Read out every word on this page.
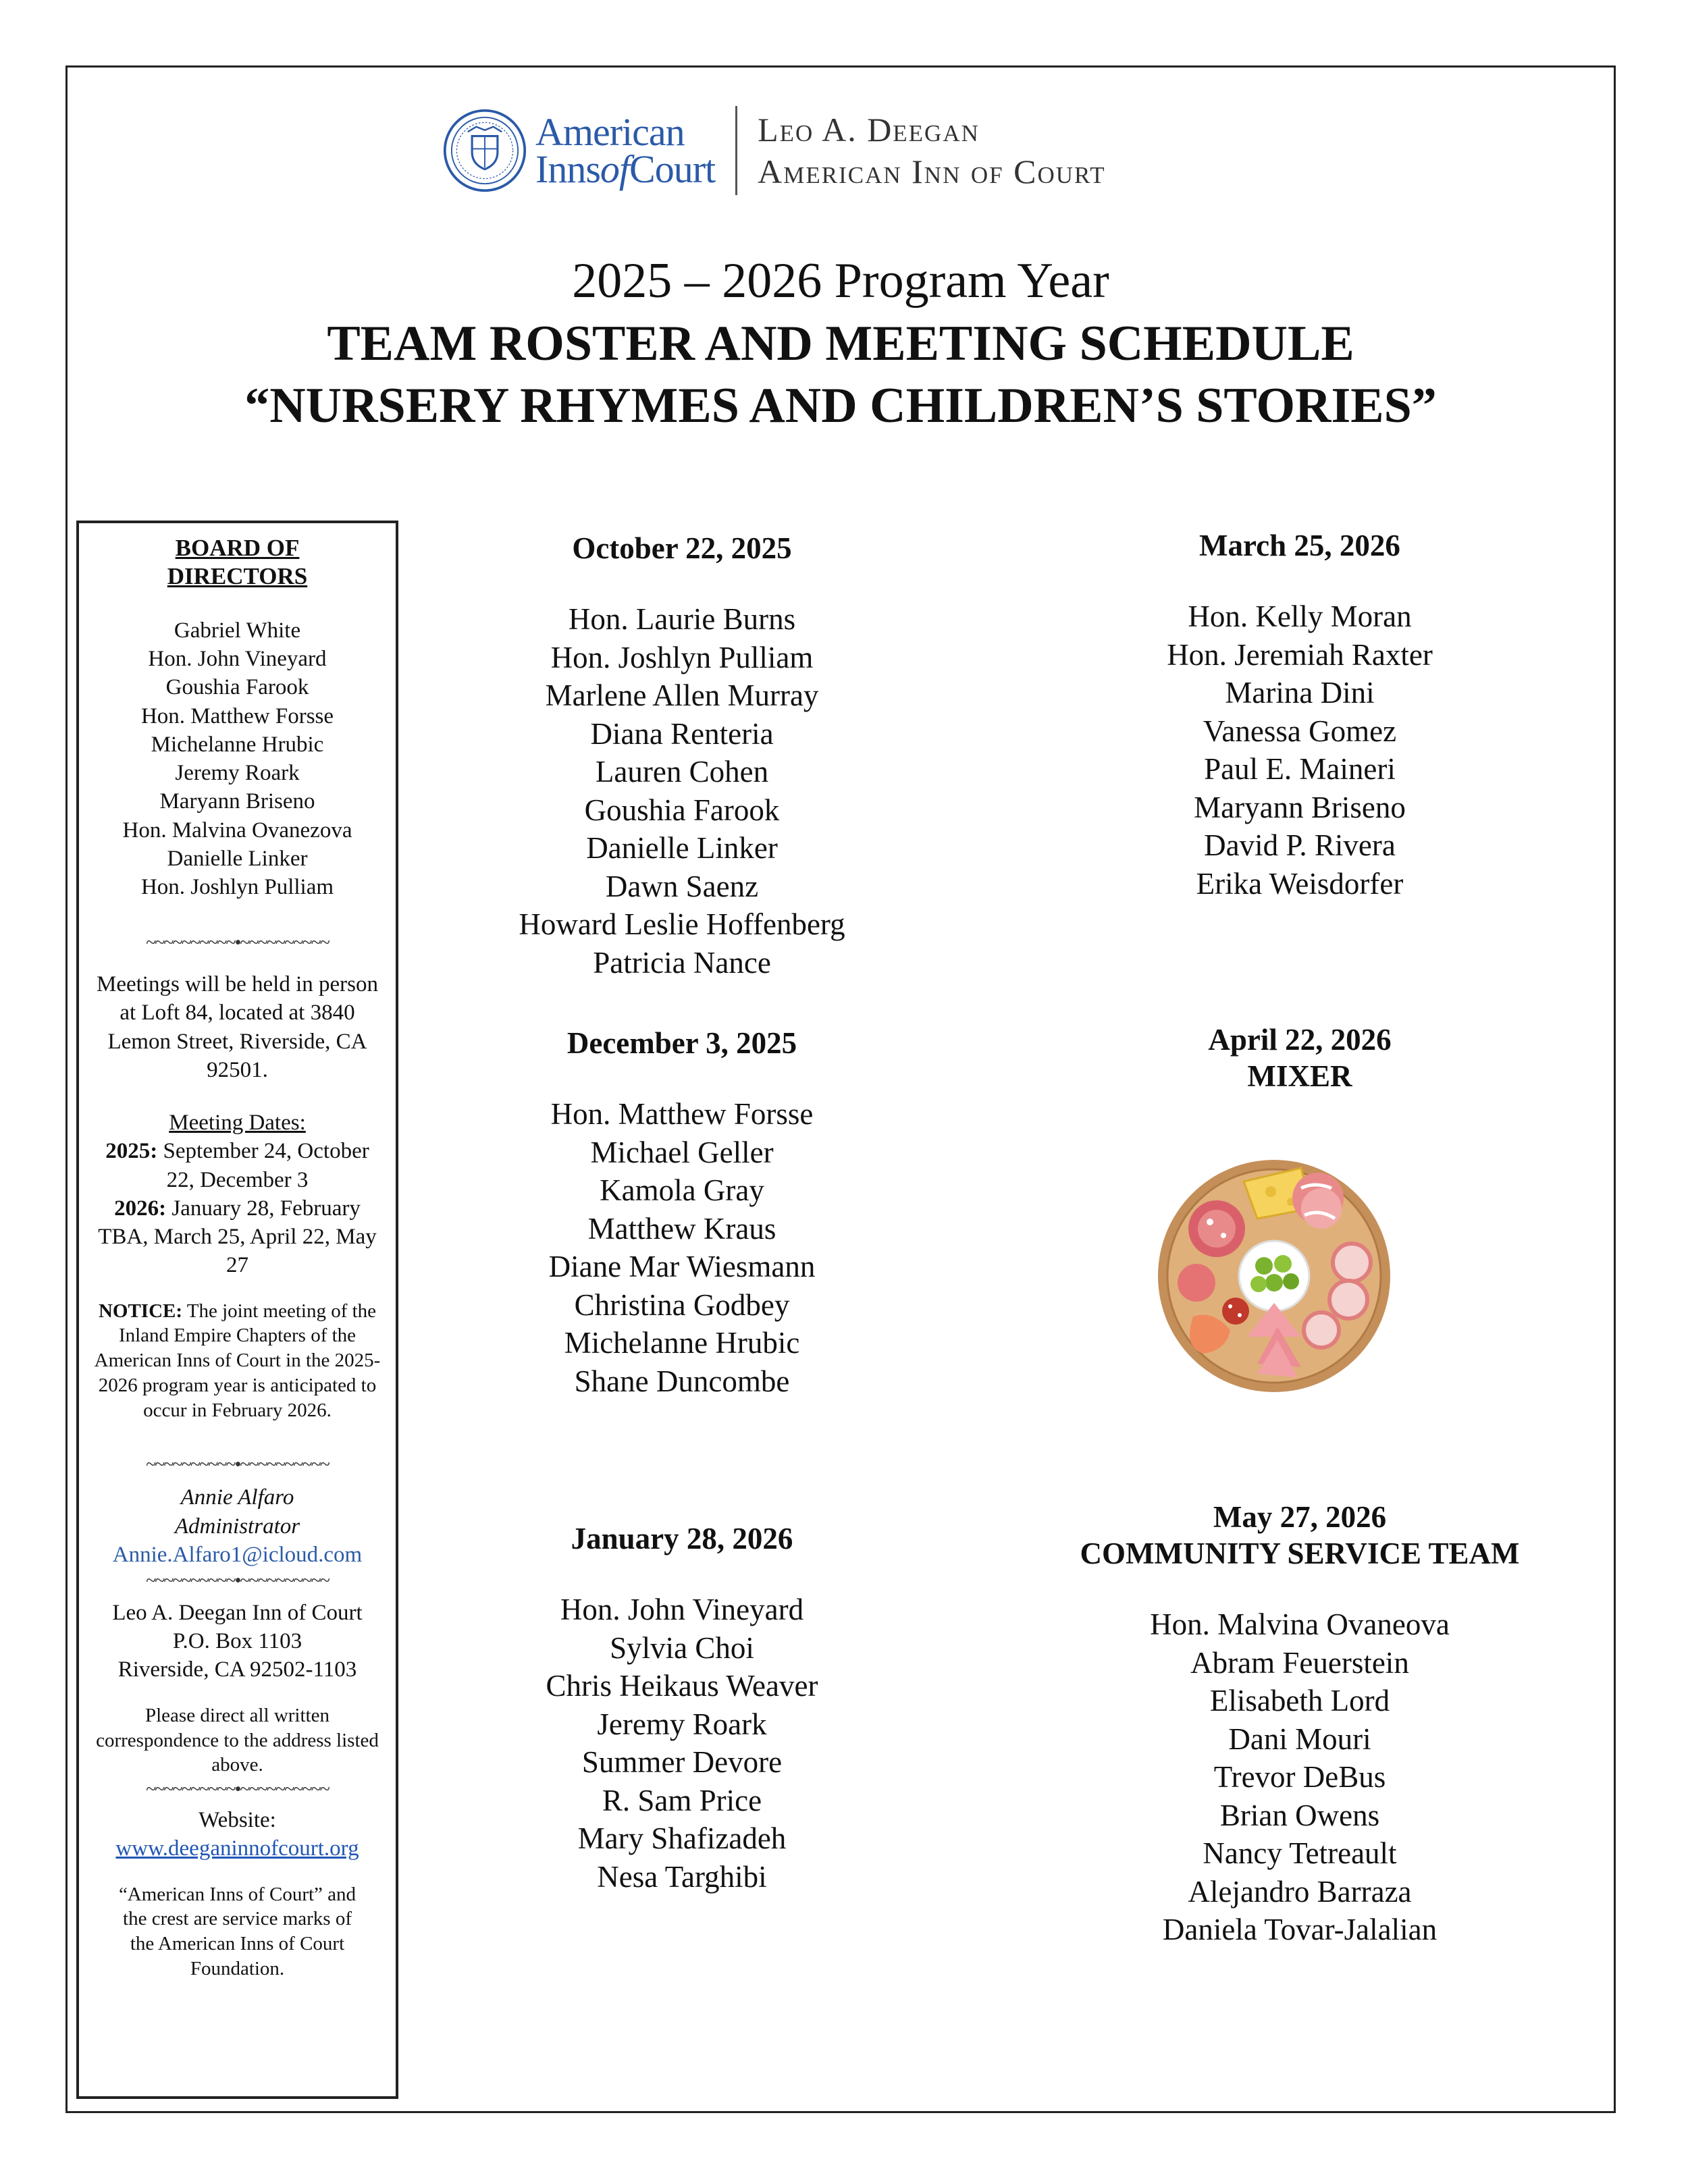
American
InnsofCourt
Leo A. Deegan
American Inn of Court
2025 – 2026 Program Year
TEAM ROSTER AND MEETING SCHEDULE
“NURSERY RHYMES AND CHILDREN’S STORIES”
BOARD OF DIRECTORS
Gabriel White
Hon. John Vineyard
Goushia Farook
Hon. Matthew Forsse
Michelanne Hrubic
Jeremy Roark
Maryann Briseno
Hon. Malvina Ovanezova
Danielle Linker
Hon. Joshlyn Pulliam
~~~~~~~~~~•~~~~~~~~~~
Meetings will be held in person at Loft 84, located at 3840 Lemon Street, Riverside, CA 92501.
Meeting Dates:
2025: September 24, October 22, December 3
2026: January 28, February TBA, March 25, April 22, May 27
NOTICE: The joint meeting of the Inland Empire Chapters of the American Inns of Court in the 2025-2026 program year is anticipated to occur in February 2026.
~~~~~~~~~~•~~~~~~~~~~
Annie Alfaro
Administrator
Annie.Alfaro1@icloud.com
~~~~~~~~~~•~~~~~~~~~~
Leo A. Deegan Inn of Court
P.O. Box 1103
Riverside, CA 92502-1103
Please direct all written correspondence to the address listed above.
~~~~~~~~~~•~~~~~~~~~~
Website:
www.deeganinnofcourt.org
“American Inns of Court” and the crest are service marks of the American Inns of Court Foundation.
October 22, 2025
Hon. Laurie Burns
Hon. Joshlyn Pulliam
Marlene Allen Murray
Diana Renteria
Lauren Cohen
Goushia Farook
Danielle Linker
Dawn Saenz
Howard Leslie Hoffenberg
Patricia Nance
December 3, 2025
Hon. Matthew Forsse
Michael Geller
Kamola Gray
Matthew Kraus
Diane Mar Wiesmann
Christina Godbey
Michelanne Hrubic
Shane Duncombe
January 28, 2026
Hon. John Vineyard
Sylvia Choi
Chris Heikaus Weaver
Jeremy Roark
Summer Devore
R. Sam Price
Mary Shafizadeh
Nesa Targhibi
March 25, 2026
Hon. Kelly Moran
Hon. Jeremiah Raxter
Marina Dini
Vanessa Gomez
Paul E. Maineri
Maryann Briseno
David P. Rivera
Erika Weisdorfer
April 22, 2026
MIXER
May 27, 2026
COMMUNITY SERVICE TEAM
Hon. Malvina Ovaneova
Abram Feuerstein
Elisabeth Lord
Dani Mouri
Trevor DeBus
Brian Owens
Nancy Tetreault
Alejandro Barraza
Daniela Tovar-Jalalian
